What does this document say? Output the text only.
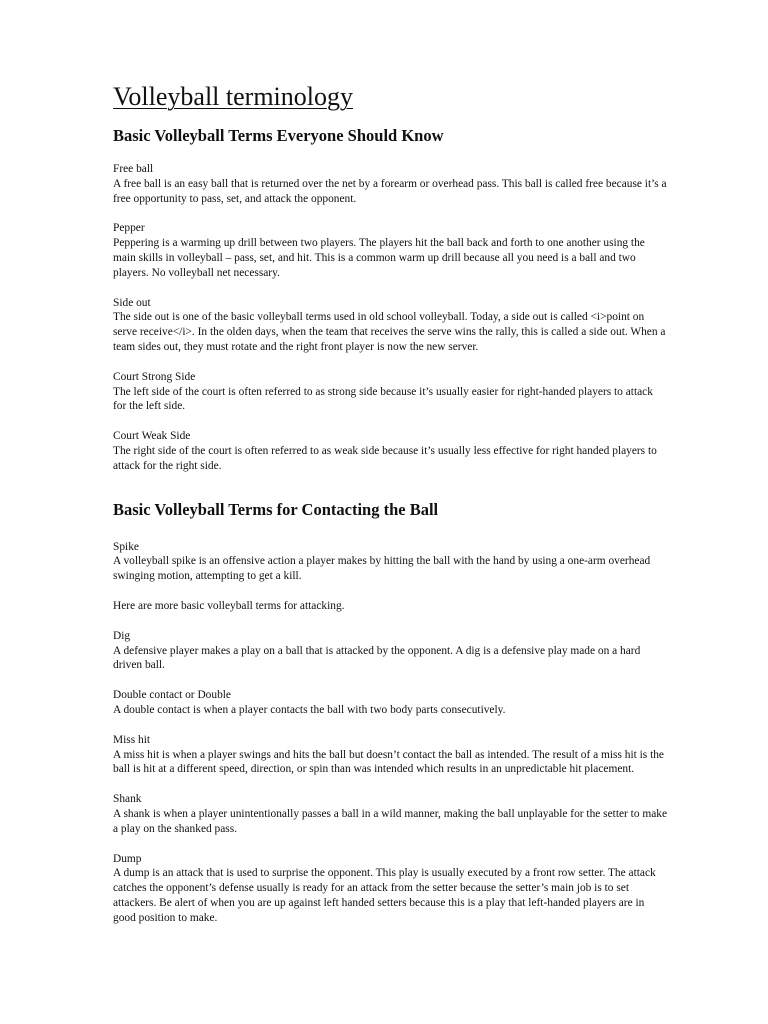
Volleyball terminology
Basic Volleyball Terms Everyone Should Know
Free ball
A free ball is an easy ball that is returned over the net by a forearm or overhead pass. This ball is called free because it’s a free opportunity to pass, set, and attack the opponent.
Pepper
Peppering is a warming up drill between two players. The players hit the ball back and forth to one another using the main skills in volleyball – pass, set, and hit. This is a common warm up drill because all you need is a ball and two players. No volleyball net necessary.
Side out
The side out is one of the basic volleyball terms used in old school volleyball. Today, a side out is called <i>point on serve receive</i>. In the olden days, when the team that receives the serve wins the rally, this is called a side out. When a team sides out, they must rotate and the right front player is now the new server.
Court Strong Side
The left side of the court is often referred to as strong side because it’s usually easier for right-handed players to attack for the left side.
Court Weak Side
The right side of the court is often referred to as weak side because it’s usually less effective for right handed players to attack for the right side.
Basic Volleyball Terms for Contacting the Ball
Spike
A volleyball spike is an offensive action a player makes by hitting the ball with the hand by using a one-arm overhead swinging motion, attempting to get a kill.

Here are more basic volleyball terms for attacking.

Dig
A defensive player makes a play on a ball that is attacked by the opponent. A dig is a defensive play made on a hard driven ball.
Double contact or Double
A double contact is when a player contacts the ball with two body parts consecutively.
Miss hit
A miss hit is when a player swings and hits the ball but doesn’t contact the ball as intended. The result of a miss hit is the ball is hit at a different speed, direction, or spin than was intended which results in an unpredictable hit placement.
Shank
A shank is when a player unintentionally passes a ball in a wild manner, making the ball unplayable for the setter to make a play on the shanked pass.
Dump
A dump is an attack that is used to surprise the opponent. This play is usually executed by a front row setter. The attack catches the opponent’s defense usually is ready for an attack from the setter because the setter’s main job is to set attackers. Be alert of when you are up against left handed setters because this is a play that left-handed players are in good position to make.
